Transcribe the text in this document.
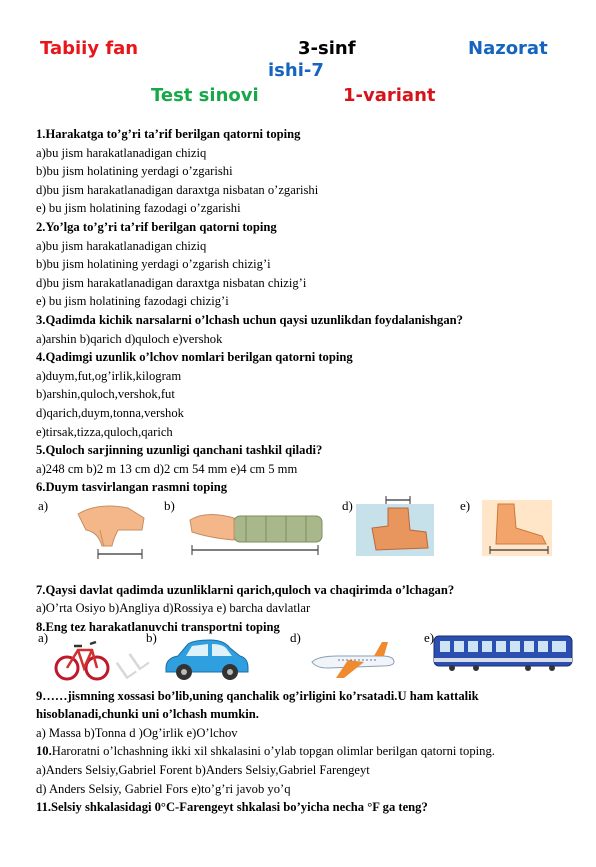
Tabiiy fan	3-sinf	Nazorat
ishi-7
Test sinovi	1-variant
1.Harakatga to’g’ri ta’rif berilgan qatorni toping
a)bu jism harakatlanadigan chiziq
b)bu jism holatining yerdagi o’zgarishi
d)bu jism harakatlanadigan daraxtga nisbatan o’zgarishi
e) bu jism holatining fazodagi o’zgarishi
2.Yo’lga to’g’ri ta’rif berilgan qatorni toping
a)bu jism harakatlanadigan chiziq
b)bu jism holatining yerdagi o’zgarish chizig’i
d)bu jism harakatlanadigan daraxtga nisbatan chizig’i
e) bu jism holatining fazodagi chizig’i
3.Qadimda kichik narsalarni o’lchash uchun qaysi uzunlikdan foydalanishgan?
a)arshin b)qarich d)quloch e)vershok
4.Qadimgi uzunlik o’lchov nomlari berilgan qatorni toping
a)duym,fut,og’irlik,kilogram
b)arshin,quloch,vershok,fut
d)qarich,duym,tonna,vershok
e)tirsak,tizza,quloch,qarich
5.Quloch sarjinning uzunligi qanchani tashkil qiladi?
a)248 cm b)2 m 13 cm d)2 cm 54 mm e)4 cm 5 mm
6.Duym tasvirlangan rasmni toping
7.Qaysi davlat qadimda uzunliklarni qarich,quloch va chaqirimda o’lchagan?
a)O’rta Osiyo b)Angliya d)Rossiya e) barcha davlatlar
8.Eng tez harakatlanuvchi transportni toping
9……jismning xossasi bo’lib,uning qanchalik og’irligini ko’rsatadi.U ham kattalik hisoblanadi,chunki uni o’lchash mumkin.
a) Massa b)Tonna d )Og’irlik e)O’lchov
10.Haroratni o’lchashning ikki xil shkalasini o’ylab topgan olimlar berilgan qatorni toping.
a)Anders Selsiy,Gabriel Forent b)Anders Selsiy,Gabriel Farengeyt
d) Anders Selsiy, Gabriel Fors e)to’g’ri javob yo’q
11.Selsiy shkalasidagi 0°C-Farengeyt shkalasi bo’yicha necha °F ga teng?
a)	b)	d)	e)
a)
LL
b)	d)	e)
